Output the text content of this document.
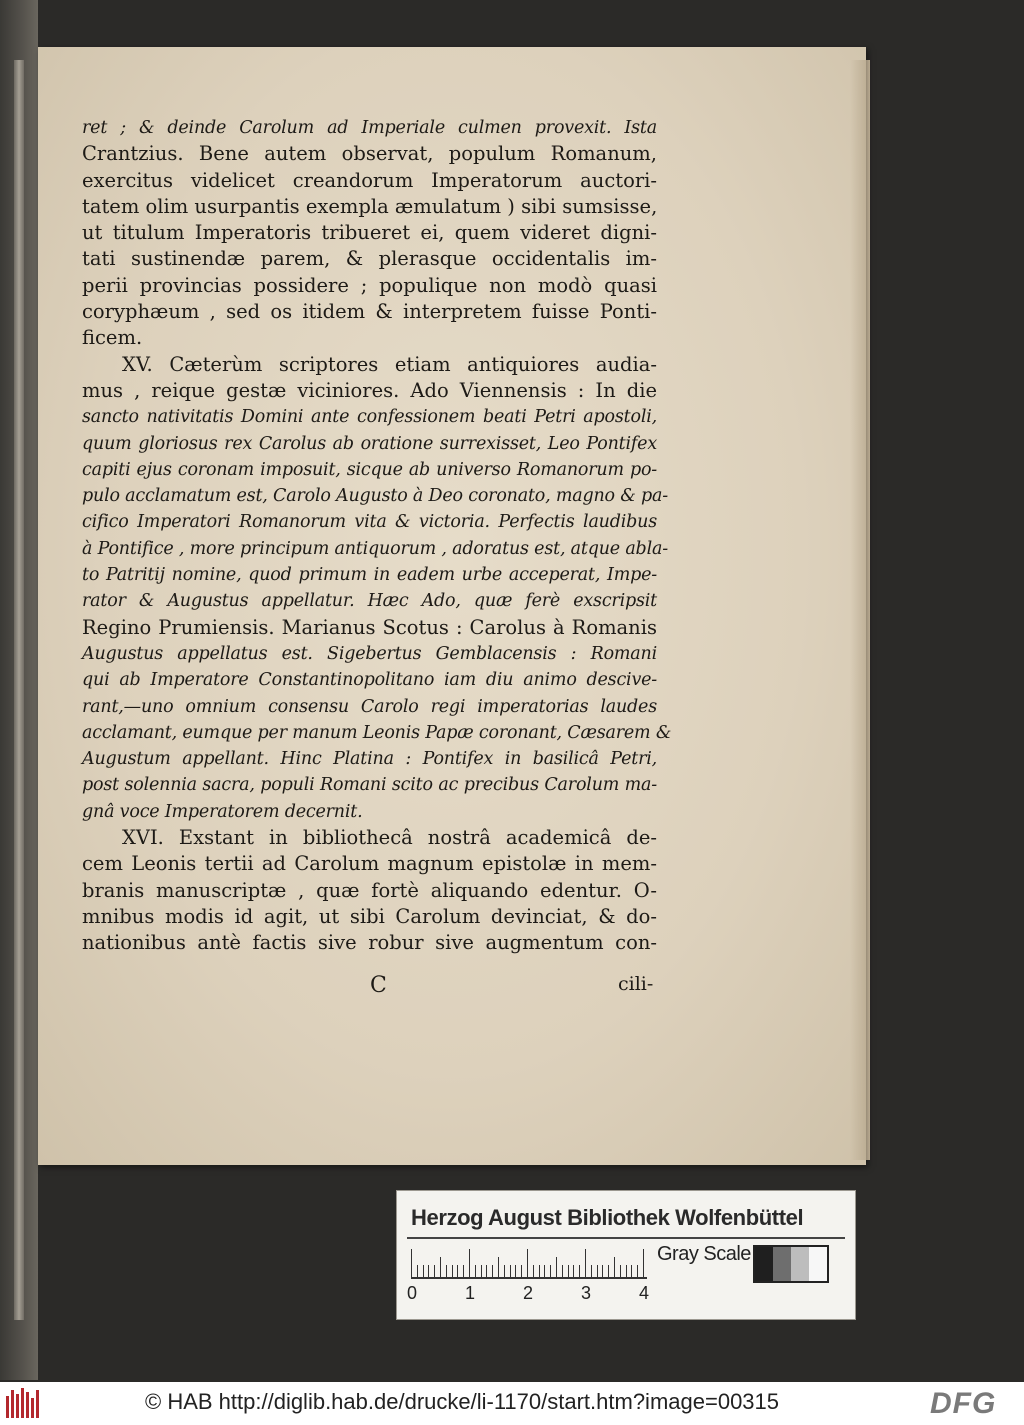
ret ; & deinde Carolum ad Imperiale culmen provexit. Ista
Crantzius. Bene autem observat, populum Romanum,
exercitus videlicet creandorum Imperatorum auctori-
tatem olim usurpantis exempla æmulatum ) sibi sumsisse,
ut titulum Imperatoris tribueret ei, quem videret digni-
tati sustinendæ parem, & plerasque occidentalis im-
perii provincias possidere ; populique non modò quasi
coryphæum , sed os itidem & interpretem fuisse Ponti-
ficem.
XV. Cæterùm scriptores etiam antiquiores audia-
mus , reique gestæ viciniores. Ado Viennensis : In die
sancto nativitatis Domini ante confessionem beati Petri apostoli,
quum gloriosus rex Carolus ab oratione surrexisset, Leo Pontifex
capiti ejus coronam imposuit, sicque ab universo Romanorum po-
pulo acclamatum est, Carolo Augusto à Deo coronato, magno & pa-
cifico Imperatori Romanorum vita & victoria. Perfectis laudibus
à Pontifice , more principum antiquorum , adoratus est, atque abla-
to Patritij nomine, quod primum in eadem urbe acceperat, Impe-
rator & Augustus appellatur. Hæc Ado, quæ ferè exscripsit
Regino Prumiensis. Marianus Scotus : Carolus à Romanis
Augustus appellatus est. Sigebertus Gemblacensis : Romani
qui ab Imperatore Constantinopolitano iam diu animo descive-
rant,—uno omnium consensu Carolo regi imperatorias laudes
acclamant, eumque per manum Leonis Papæ coronant, Cæsarem &
Augustum appellant. Hinc Platina : Pontifex in basilicâ Petri,
post solennia sacra, populi Romani scito ac precibus Carolum ma-
gnâ voce Imperatorem decernit.
XVI. Exstant in bibliothecâ nostrâ academicâ de-
cem Leonis tertii ad Carolum magnum epistolæ in mem-
branis manuscriptæ , quæ fortè aliquando edentur. O-
mnibus modis id agit, ut sibi Carolum devinciat, & do-
nationibus antè factis sive robur sive augmentum con-
C	cili-
Herzog August Bibliothek Wolfenbüttel
0	1	2	3	4
Gray Scale
© HAB http://diglib.hab.de/drucke/li-1170/start.htm?image=00315	DFG
